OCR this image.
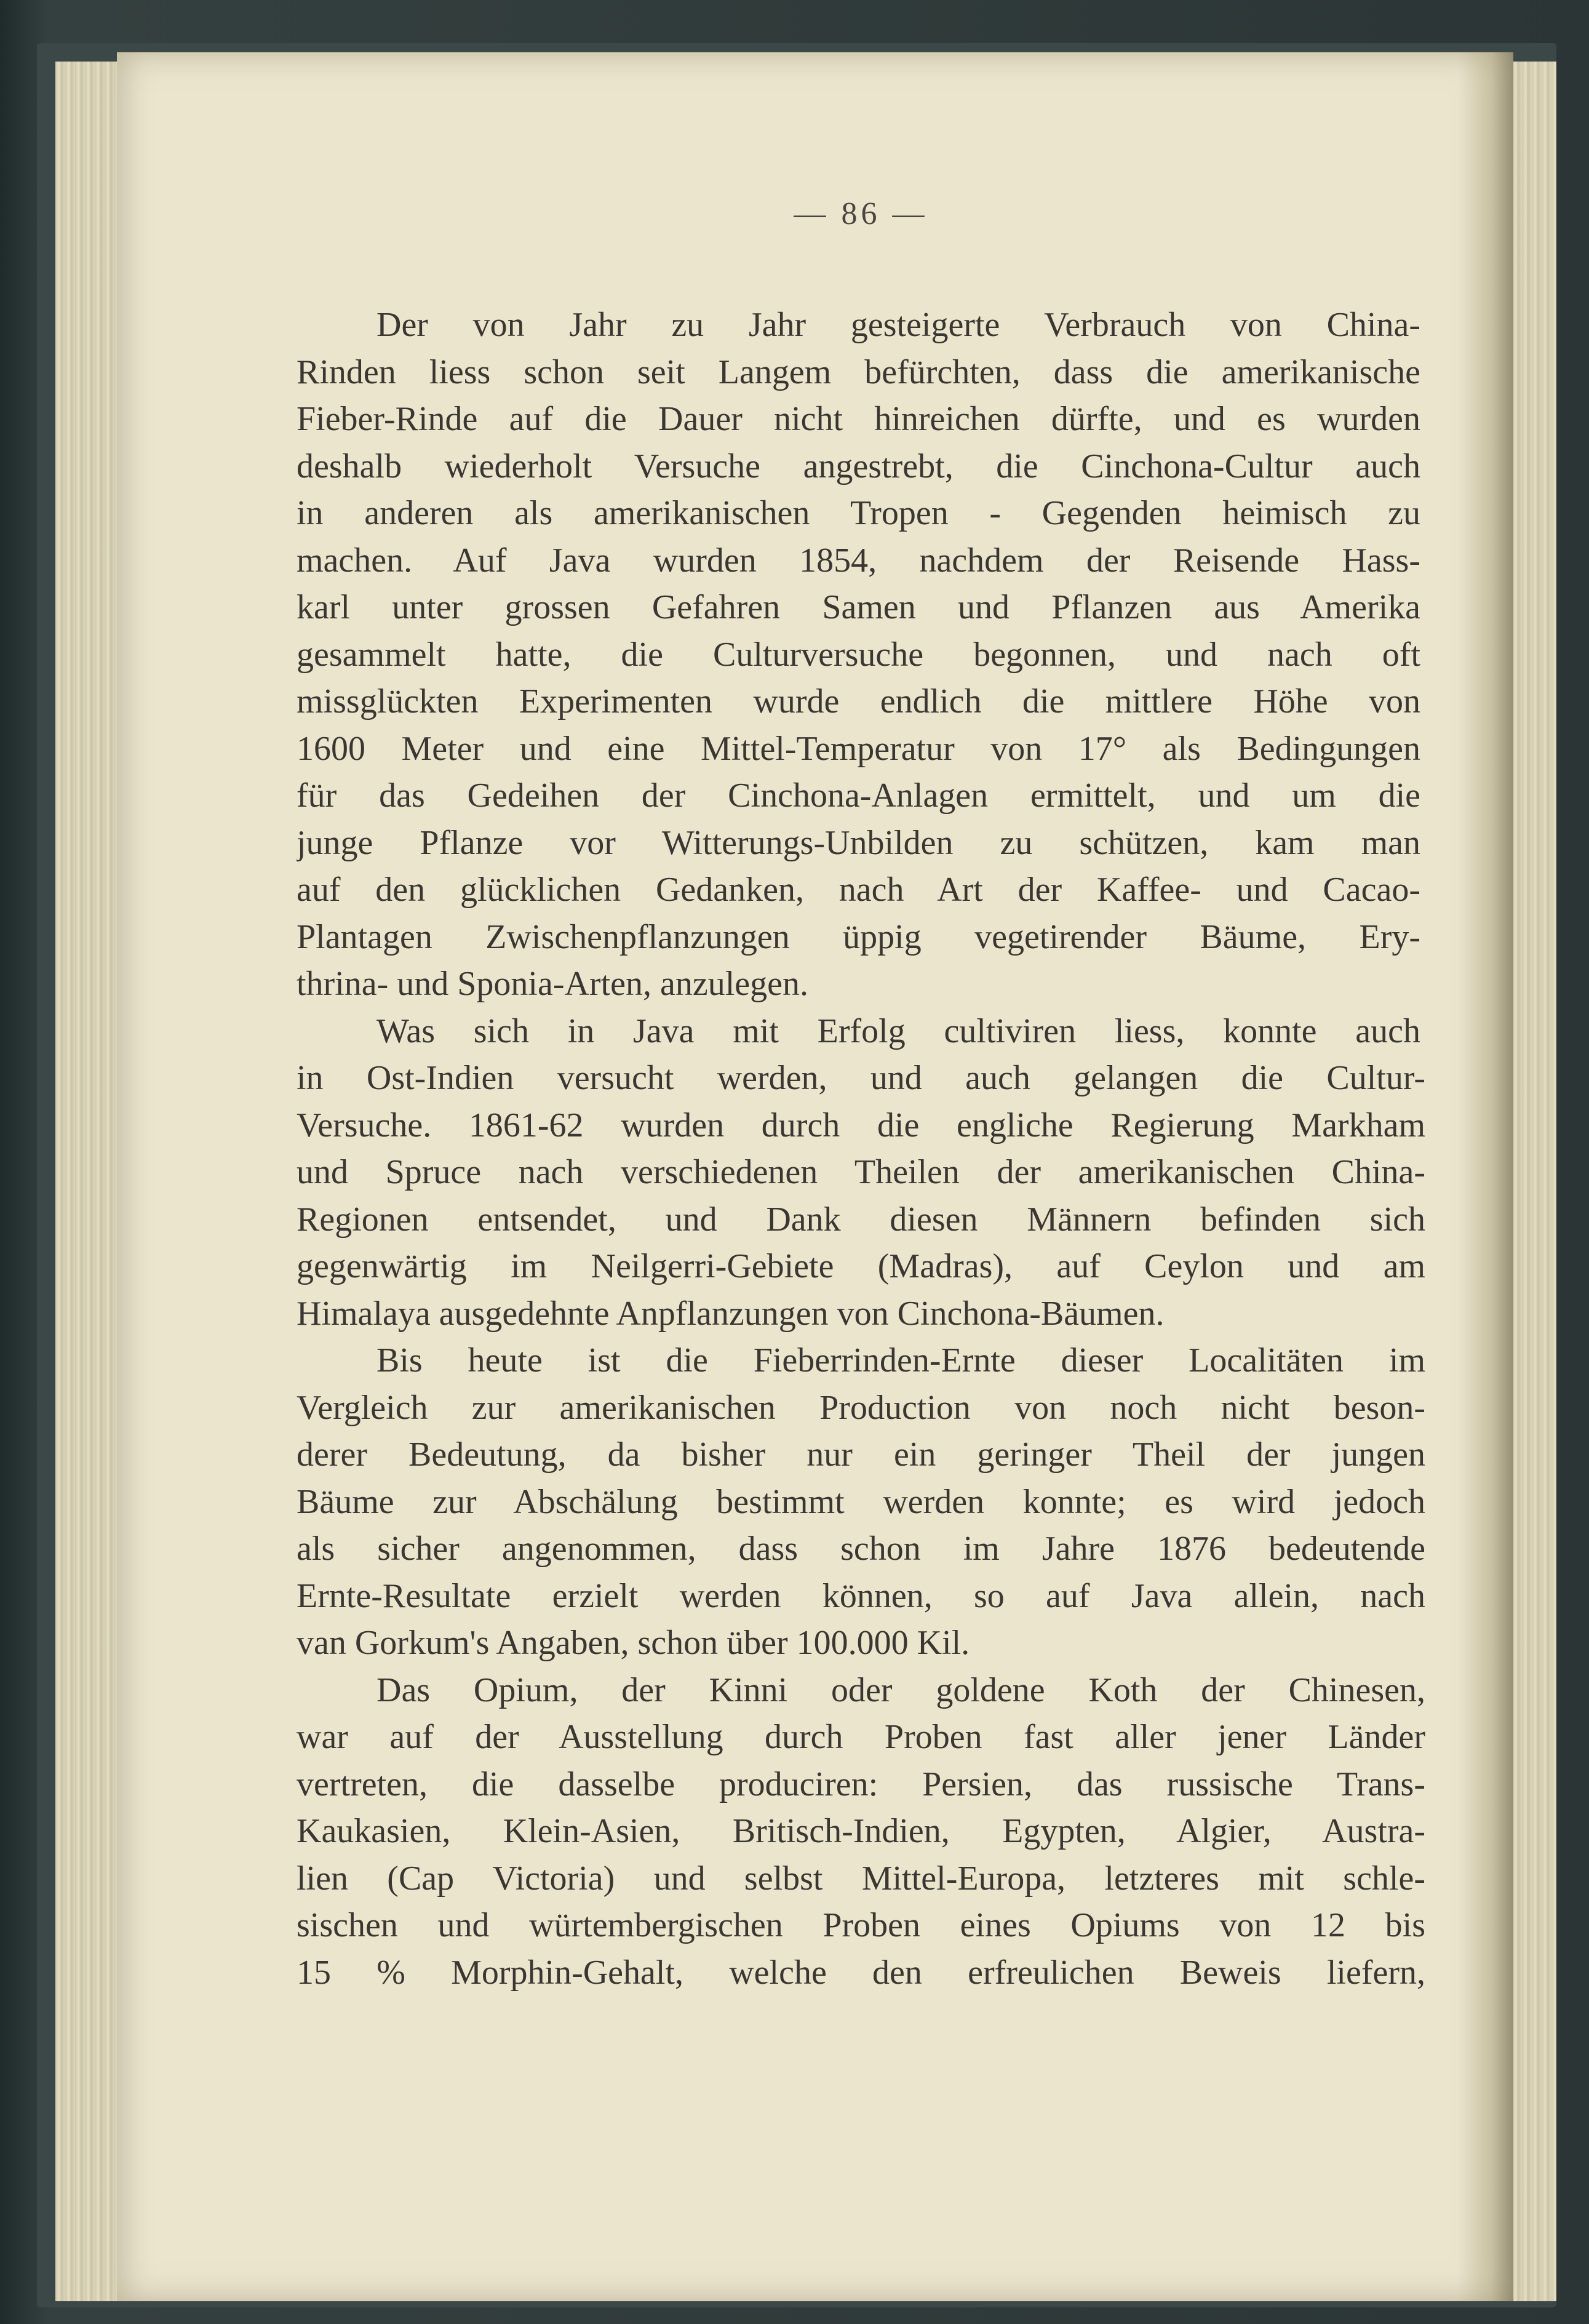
— 86 —
Der von Jahr zu Jahr gesteigerte Verbrauch von China-
Rinden liess schon seit Langem befürchten, dass die amerikanische
Fieber-Rinde auf die Dauer nicht hinreichen dürfte, und es wurden
deshalb wiederholt Versuche angestrebt, die Cinchona-Cultur auch
in anderen als amerikanischen Tropen - Gegenden heimisch zu
machen. Auf Java wurden 1854, nachdem der Reisende Hass-
karl unter grossen Gefahren Samen und Pflanzen aus Amerika
gesammelt hatte, die Culturversuche begonnen, und nach oft
missglückten Experimenten wurde endlich die mittlere Höhe von
1600 Meter und eine Mittel-Temperatur von 17° als Bedingungen
für das Gedeihen der Cinchona-Anlagen ermittelt, und um die
junge Pflanze vor Witterungs-Unbilden zu schützen, kam man
auf den glücklichen Gedanken, nach Art der Kaffee- und Cacao-
Plantagen Zwischenpflanzungen üppig vegetirender Bäume, Ery-
thrina- und Sponia-Arten, anzulegen.
Was sich in Java mit Erfolg cultiviren liess, konnte auch
in Ost-Indien versucht werden, und auch gelangen die Cultur-
Versuche. 1861-62 wurden durch die engliche Regierung Markham
und Spruce nach verschiedenen Theilen der amerikanischen China-
Regionen entsendet, und Dank diesen Männern befinden sich
gegenwärtig im Neilgerri-Gebiete (Madras), auf Ceylon und am
Himalaya ausgedehnte Anpflanzungen von Cinchona-Bäumen.
Bis heute ist die Fieberrinden-Ernte dieser Localitäten im
Vergleich zur amerikanischen Production von noch nicht beson-
derer Bedeutung, da bisher nur ein geringer Theil der jungen
Bäume zur Abschälung bestimmt werden konnte; es wird jedoch
als sicher angenommen, dass schon im Jahre 1876 bedeutende
Ernte-Resultate erzielt werden können, so auf Java allein, nach
van Gorkum's Angaben, schon über 100.000 Kil.
Das Opium, der Kinni oder goldene Koth der Chinesen,
war auf der Ausstellung durch Proben fast aller jener Länder
vertreten, die dasselbe produciren: Persien, das russische Trans-
Kaukasien, Klein-Asien, Britisch-Indien, Egypten, Algier, Austra-
lien (Cap Victoria) und selbst Mittel-Europa, letzteres mit schle-
sischen und würtembergischen Proben eines Opiums von 12 bis
15 % Morphin-Gehalt, welche den erfreulichen Beweis liefern,
